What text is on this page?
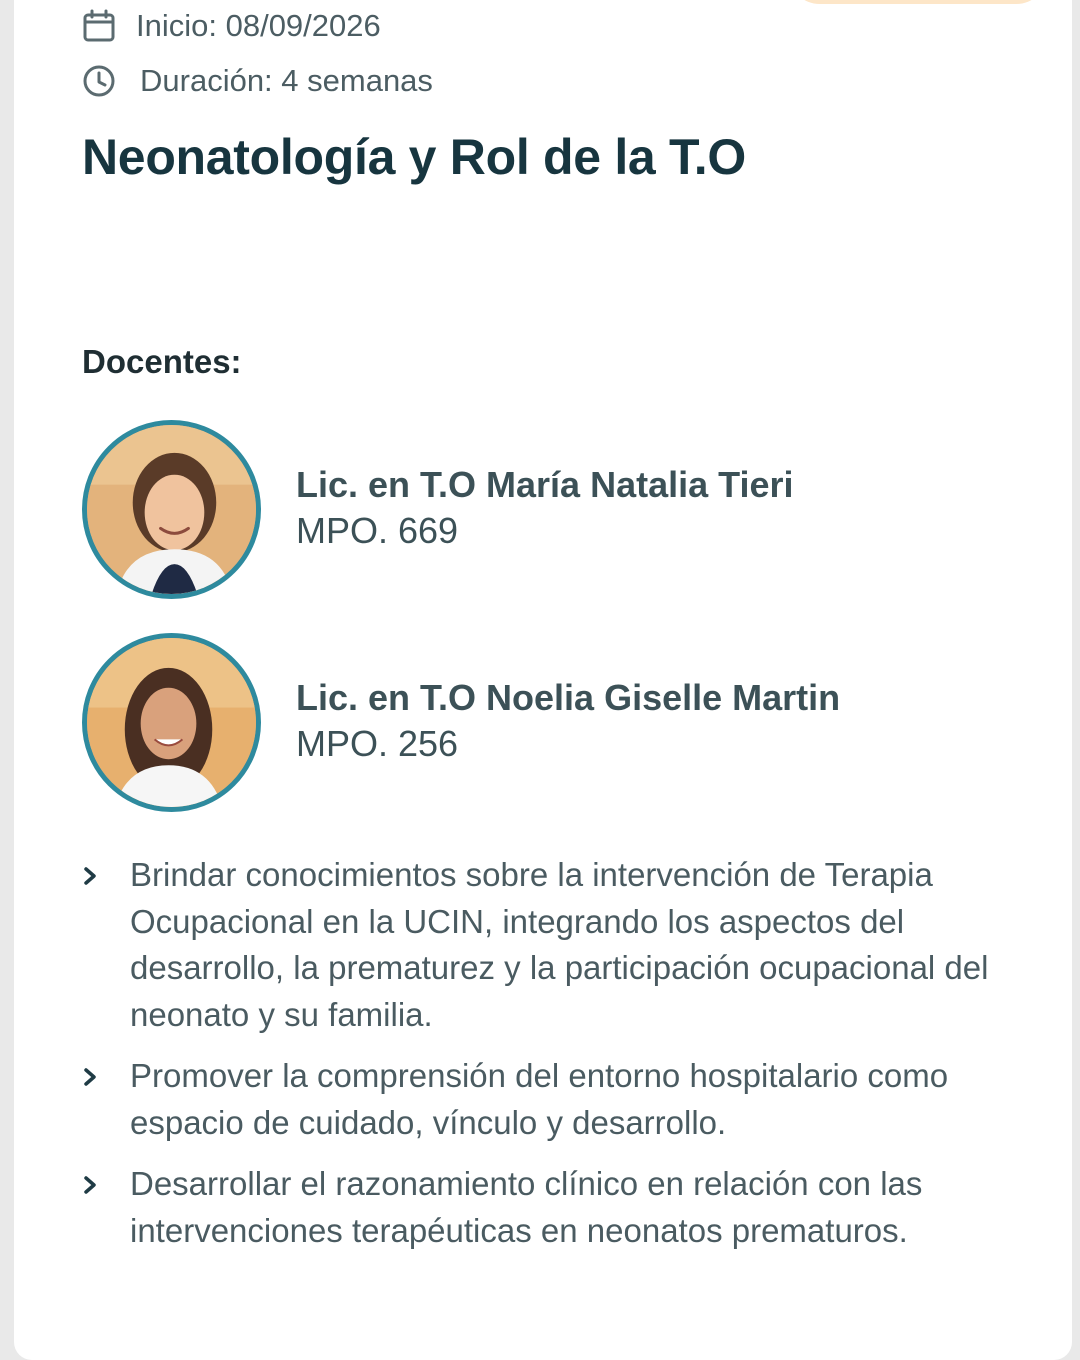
Inicio: 08/09/2026
Duración: 4 semanas
Neonatología y Rol de la T.O
Docentes:
Lic. en T.O María Natalia Tieri
MPO. 669
Lic. en T.O Noelia Giselle Martin
MPO. 256
Brindar conocimientos sobre la intervención de Terapia Ocupacional en la UCIN, integrando los aspectos del desarrollo, la prematurez y la participación ocupacional del neonato y su familia.
Promover la comprensión del entorno hospitalario como espacio de cuidado, vínculo y desarrollo.
Desarrollar el razonamiento clínico en relación con las intervenciones terapéuticas en neonatos prematuros.
